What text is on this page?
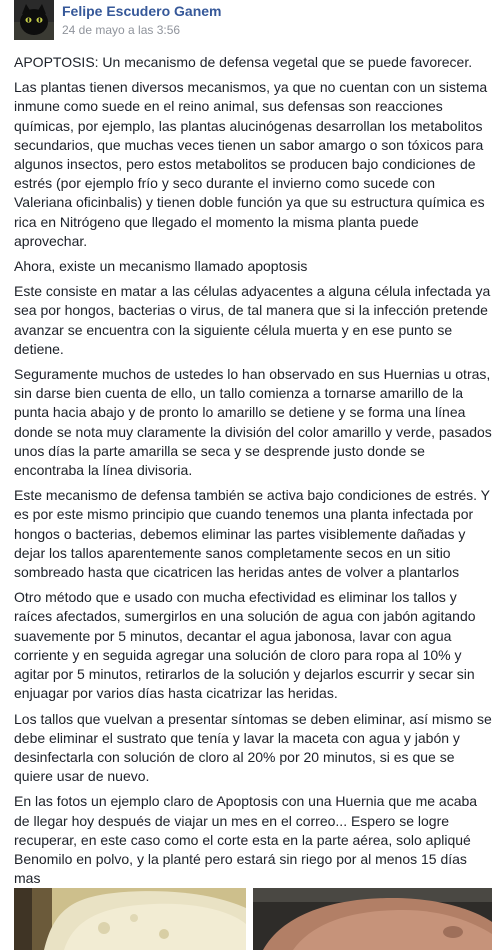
Felipe Escudero Ganem
24 de mayo a las 3:56

APOPTOSIS: Un mecanismo de defensa vegetal que se puede favorecer.

Las plantas tienen diversos mecanismos, ya que no cuentan con un sistema inmune como suede en el reino animal, sus defensas son reacciones químicas, por ejemplo, las plantas alucinógenas desarrollan los metabolitos secundarios, que muchas veces tienen un sabor amargo o son tóxicos para algunos insectos, pero estos metabolitos se producen bajo condiciones de estrés (por ejemplo frío y seco durante el invierno como sucede con Valeriana oficinbalis) y tienen doble función ya que su estructura química es rica en Nitrógeno que llegado el momento la misma planta puede aprovechar.

Ahora, existe un mecanismo llamado apoptosis

Este consiste en matar a las células adyacentes a alguna célula infectada ya sea por hongos, bacterias o virus, de tal manera que si la infección pretende avanzar se encuentra con la siguiente célula muerta y en ese punto se detiene.

Seguramente muchos de ustedes lo han observado en sus Huernias u otras, sin darse bien cuenta de ello, un tallo comienza a tornarse amarillo de la punta hacia abajo y de pronto lo amarillo se detiene y se forma una línea donde se nota muy claramente la división del color amarillo y verde, pasados unos días la parte amarilla se seca y se desprende justo donde se encontraba la línea divisoria.

Este mecanismo de defensa también se activa bajo condiciones de estrés. Y es por este mismo principio que cuando tenemos una planta infectada por hongos o bacterias, debemos eliminar las partes visiblemente dañadas y dejar los tallos aparentemente sanos completamente secos en un sitio sombreado hasta que cicatricen las heridas antes de volver a plantarlos

Otro método que e usado con mucha efectividad es eliminar los tallos y raíces afectados, sumergirlos en una solución de agua con jabón agitando suavemente por 5 minutos, decantar el agua jabonosa, lavar con agua corriente y en seguida agregar una solución de cloro para ropa al 10% y agitar por 5 minutos, retirarlos de la solución y dejarlos escurrir y secar sin enjuagar por varios días hasta cicatrizar las heridas.

Los tallos que vuelvan a presentar síntomas se deben eliminar, así mismo se debe eliminar el sustrato que tenía y lavar la maceta con agua y jabón y desinfectarla con solución de cloro al 20% por 20 minutos, si es que se quiere usar de nuevo.

En las fotos un ejemplo claro de Apoptosis con una Huernia que me acaba de llegar hoy después de viajar un mes en el correo... Espero se logre recuperar, en este caso como el corte esta en la parte aérea, solo apliqué Benomilo en polvo, y la planté pero estará sin riego por al menos 15 días mas
